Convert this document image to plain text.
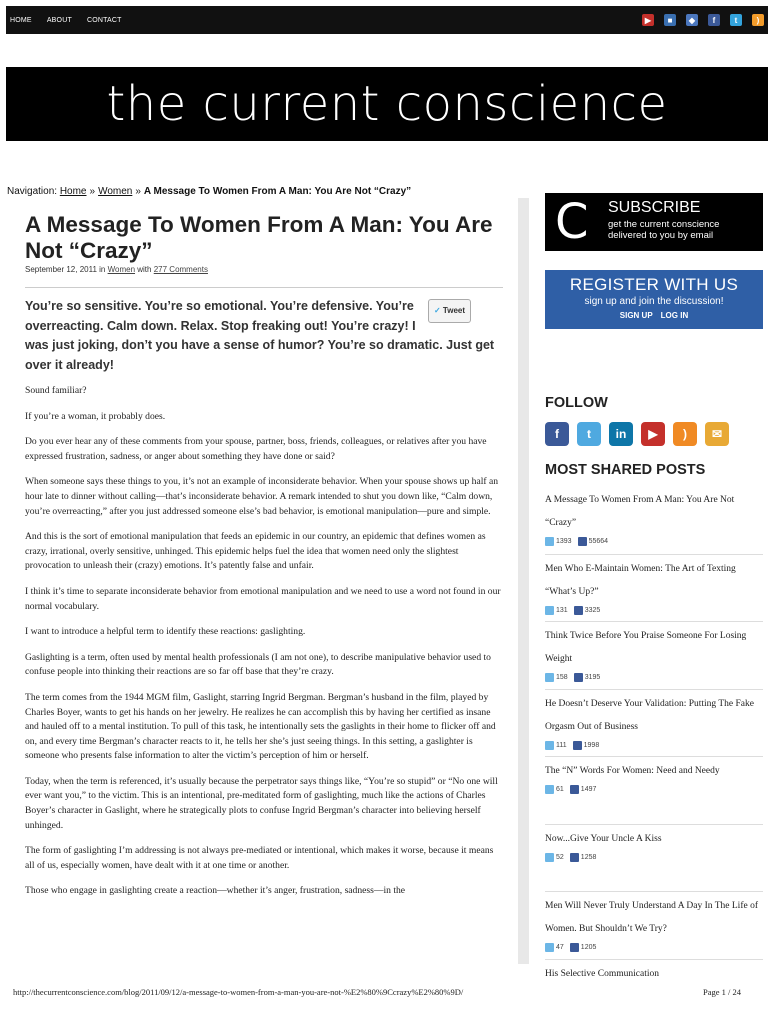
HOME ABOUT CONTACT	▶	■	◆	f	t	)
the current conscience
Navigation: Home » Women » A Message To Women From A Man: You Are Not “Crazy”
A Message To Women From A Man: You Are Not “Crazy”
September 12, 2011 in Women with 277 Comments

✓ Tweet
You’re so sensitive. You’re so emotional. You’re defensive. You’re overreacting. Calm down. Relax. Stop freaking out! You’re crazy! I was just joking, don’t you have a sense of humor? You’re so dramatic. Just get over it already!

Sound familiar?

If you’re a woman, it probably does.

Do you ever hear any of these comments from your spouse, partner, boss, friends, colleagues, or relatives after you have expressed frustration, sadness, or anger about something they have done or said?

When someone says these things to you, it’s not an example of inconsiderate behavior. When your spouse shows up half an hour late to dinner without calling—that’s inconsiderate behavior. A remark intended to shut you down like, “Calm down, you’re overreacting,” after you just addressed someone else’s bad behavior, is emotional manipulation—pure and simple.

And this is the sort of emotional manipulation that feeds an epidemic in our country, an epidemic that defines women as crazy, irrational, overly sensitive, unhinged. This epidemic helps fuel the idea that women need only the slightest provocation to unleash their (crazy) emotions. It’s patently false and unfair.

I think it’s time to separate inconsiderate behavior from emotional manipulation and we need to use a word not found in our normal vocabulary.

I want to introduce a helpful term to identify these reactions: gaslighting.

Gaslighting is a term, often used by mental health professionals (I am not one), to describe manipulative behavior used to confuse people into thinking their reactions are so far off base that they’re crazy.

The term comes from the 1944 MGM film, Gaslight, starring Ingrid Bergman. Bergman’s husband in the film, played by Charles Boyer, wants to get his hands on her jewelry. He realizes he can accomplish this by having her certified as insane and hauled off to a mental institution. To pull of this task, he intentionally sets the gaslights in their home to flicker off and on, and every time Bergman’s character reacts to it, he tells her she’s just seeing things. In this setting, a gaslighter is someone who presents false information to alter the victim’s perception of him or herself.

Today, when the term is referenced, it’s usually because the perpetrator says things like, “You’re so stupid” or “No one will ever want you,” to the victim. This is an intentional, pre-meditated form of gaslighting, much like the actions of Charles Boyer’s character in Gaslight, where he strategically plots to confuse Ingrid Bergman’s character into believing herself unhinged.

The form of gaslighting I’m addressing is not always pre-mediated or intentional, which makes it worse, because it means all of us, especially women, have dealt with it at one time or another.

Those who engage in gaslighting create a reaction—whether it’s anger, frustration, sadness—in the

C SUBSCRIBE
get the current conscience
delivered to you by email
REGISTER WITH US
sign up and join the discussion!
SIGN UP LOG IN
FOLLOW
f	t	in	▶	)	✉
MOST SHARED POSTS
A Message To Women From A Man: You Are Not “Crazy”
1393 55664
Men Who E-Maintain Women: The Art of Texting “What’s Up?”
131 3325
Think Twice Before You Praise Someone For Losing Weight
158 3195
He Doesn’t Deserve Your Validation: Putting The Fake Orgasm Out of Business
111 1998
The “N” Words For Women: Need and Needy
61 1497
Now...Give Your Uncle A Kiss
52 1258
Men Will Never Truly Understand A Day In The Life of Women. But Shouldn’t We Try?
47 1205
His Selective Communication
http://thecurrentconscience.com/blog/2011/09/12/a-message-to-women-from-a-man-you-are-not-%E2%80%9Ccrazy%E2%80%9D/	Page 1 / 24
